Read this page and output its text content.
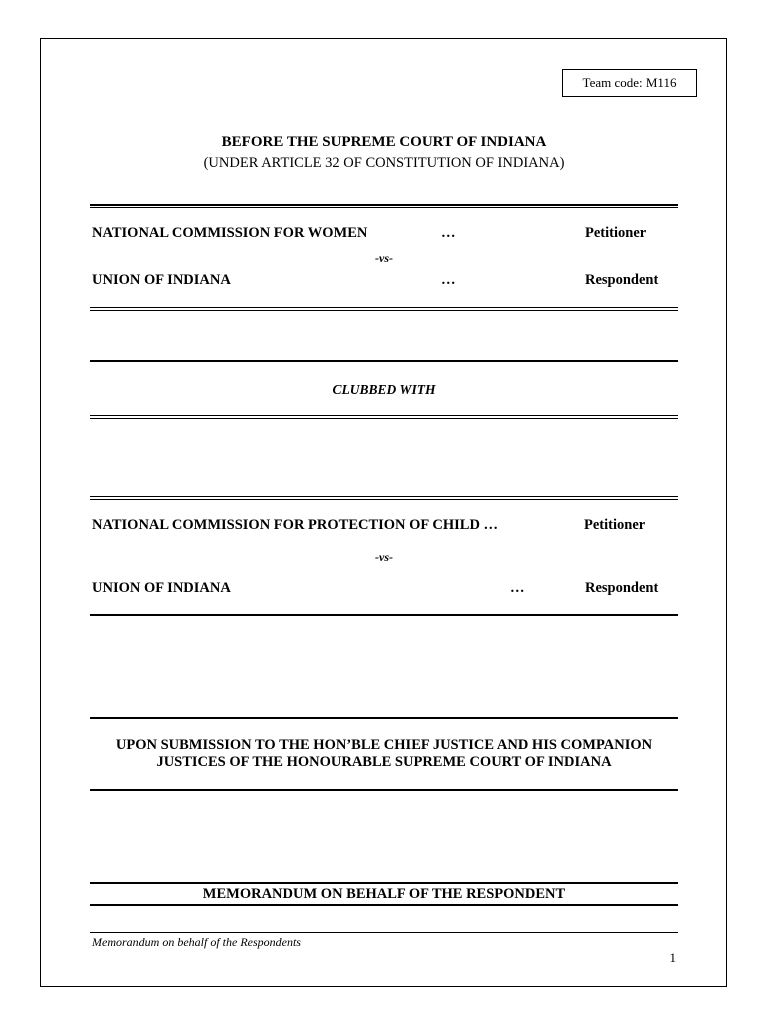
Team code: M116
BEFORE THE SUPREME COURT OF INDIANA
(UNDER ARTICLE 32 OF CONSTITUTION OF INDIANA)
NATIONAL COMMISSION FOR WOMEN	…	Petitioner
-vs-
UNION OF INDIANA	…	Respondent
CLUBBED WITH
NATIONAL COMMISSION FOR PROTECTION OF CHILD …	Petitioner
-vs-
UNION OF INDIANA	…	Respondent
UPON SUBMISSION TO THE HON’BLE CHIEF JUSTICE AND HIS COMPANION
JUSTICES OF THE HONOURABLE SUPREME COURT OF INDIANA
MEMORANDUM ON BEHALF OF THE RESPONDENT
Memorandum on behalf of the Respondents
1
